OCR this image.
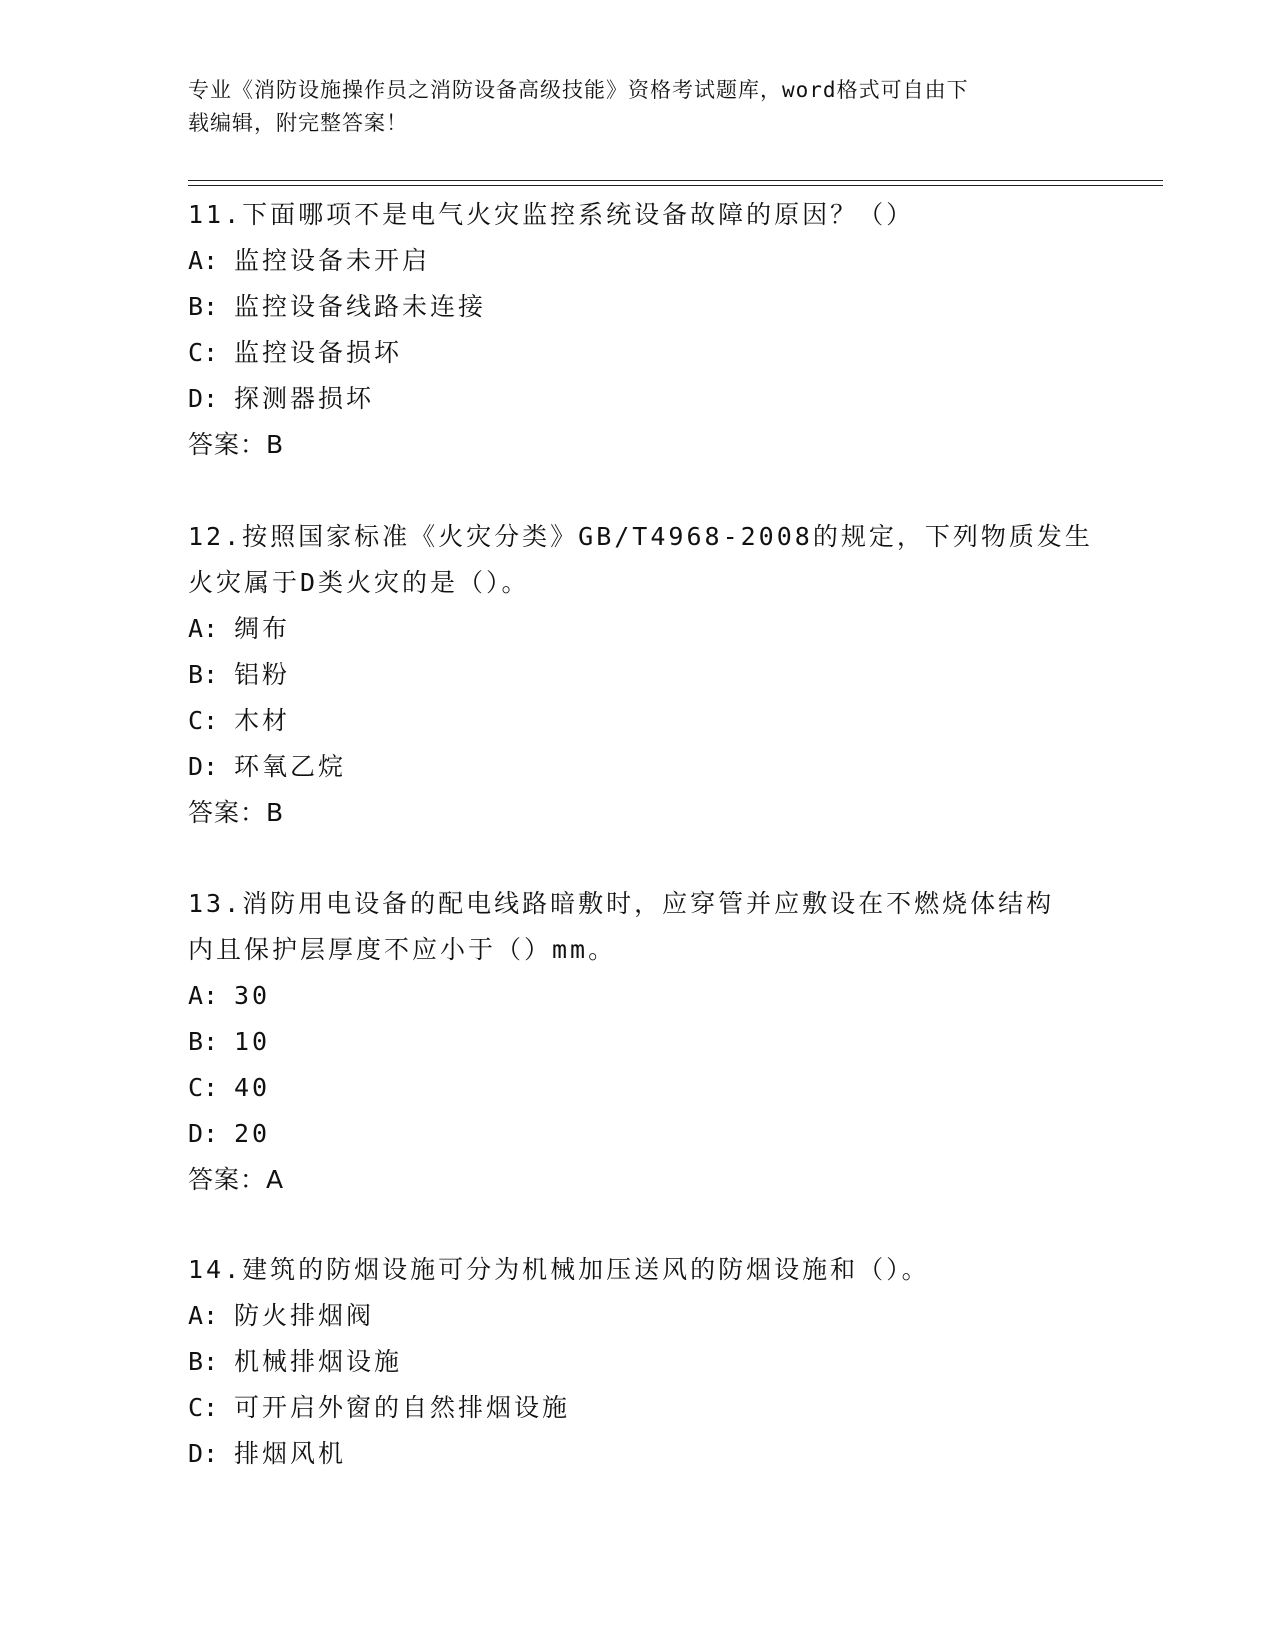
专业《消防设施操作员之消防设备高级技能》资格考试题库，word格式可自由下
载编辑，附完整答案！
11.下面哪项不是电气火灾监控系统设备故障的原因？（）
A: 监控设备未开启
B: 监控设备线路未连接
C: 监控设备损坏
D: 探测器损坏
答案：B
12.按照国家标准《火灾分类》GB/T4968-2008的规定，下列物质发生
火灾属于D类火灾的是（）。
A: 绸布
B: 铝粉
C: 木材
D: 环氧乙烷
答案：B
13.消防用电设备的配电线路暗敷时，应穿管并应敷设在不燃烧体结构
内且保护层厚度不应小于（）mm。
A: 30
B: 10
C: 40
D: 20
答案：A
14.建筑的防烟设施可分为机械加压送风的防烟设施和（）。
A: 防火排烟阀
B: 机械排烟设施
C: 可开启外窗的自然排烟设施
D: 排烟风机
